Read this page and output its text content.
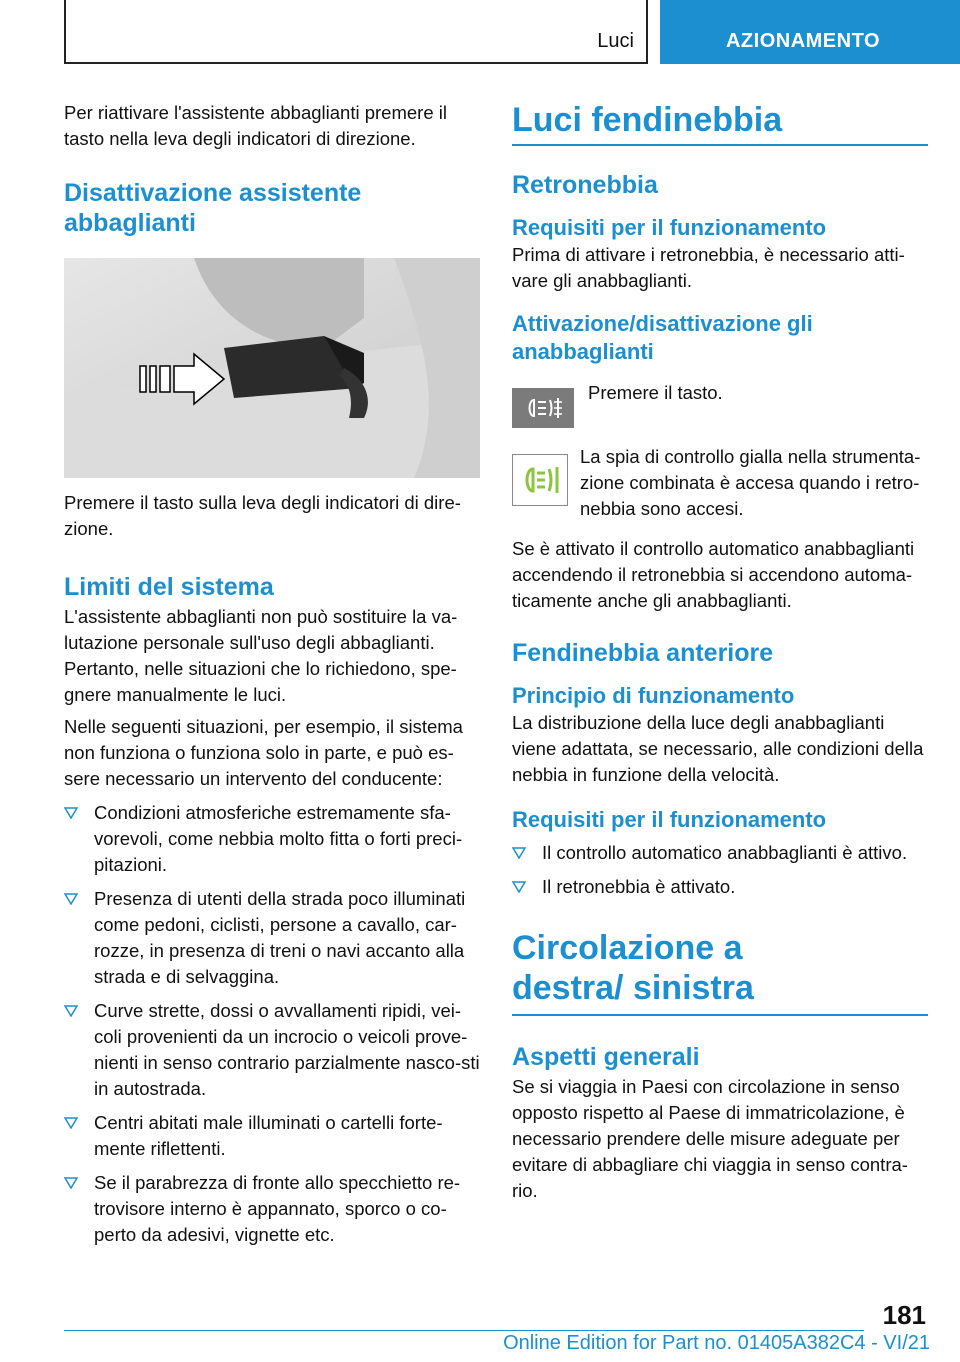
Luci	AZIONAMENTO

Per riattivare l'assistente abbaglianti premere il tasto nella leva degli indicatori di direzione.

Disattivazione assistente abbaglianti

Premere il tasto sulla leva degli indicatori di dire-zione.

Limiti del sistema

L'assistente abbaglianti non può sostituire la va-lutazione personale sull'uso degli abbaglianti. Pertanto, nelle situazioni che lo richiedono, spe-gnere manualmente le luci.

Nelle seguenti situazioni, per esempio, il sistema non funziona o funziona solo in parte, e può es-sere necessario un intervento del conducente:

Condizioni atmosferiche estremamente sfa-vorevoli, come nebbia molto fitta o forti preci-pitazioni.
Presenza di utenti della strada poco illuminati come pedoni, ciclisti, persone a cavallo, car-rozze, in presenza di treni o navi accanto alla strada e di selvaggina.
Curve strette, dossi o avvallamenti ripidi, vei-coli provenienti da un incrocio o veicoli prove-nienti in senso contrario parzialmente nasco-sti in autostrada.
Centri abitati male illuminati o cartelli forte-mente riflettenti.
Se il parabrezza di fronte allo specchietto re-trovisore interno è appannato, sporco o co-perto da adesivi, vignette etc.
Luci fendinebbia
Retronebbia
Requisiti per il funzionamento

Prima di attivare i retronebbia, è necessario atti-vare gli anabbaglianti.

Attivazione/disattivazione gli anabbaglianti

Premere il tasto.

La spia di controllo gialla nella strumenta-zione combinata è accesa quando i retro-nebbia sono accesi.

Se è attivato il controllo automatico anabbaglianti accendendo il retronebbia si accendono automa-ticamente anche gli anabbaglianti.

Fendinebbia anteriore
Principio di funzionamento

La distribuzione della luce degli anabbaglianti viene adattata, se necessario, alle condizioni della nebbia in funzione della velocità.

Requisiti per il funzionamento
Il controllo automatico anabbaglianti è attivo.
Il retronebbia è attivato.
Circolazione a destra/ sinistra
Aspetti generali

Se si viaggia in Paesi con circolazione in senso opposto rispetto al Paese di immatricolazione, è necessario prendere delle misure adeguate per evitare di abbagliare chi viaggia in senso contra-rio.

181
Online Edition for Part no. 01405A382C4 - VI/21
